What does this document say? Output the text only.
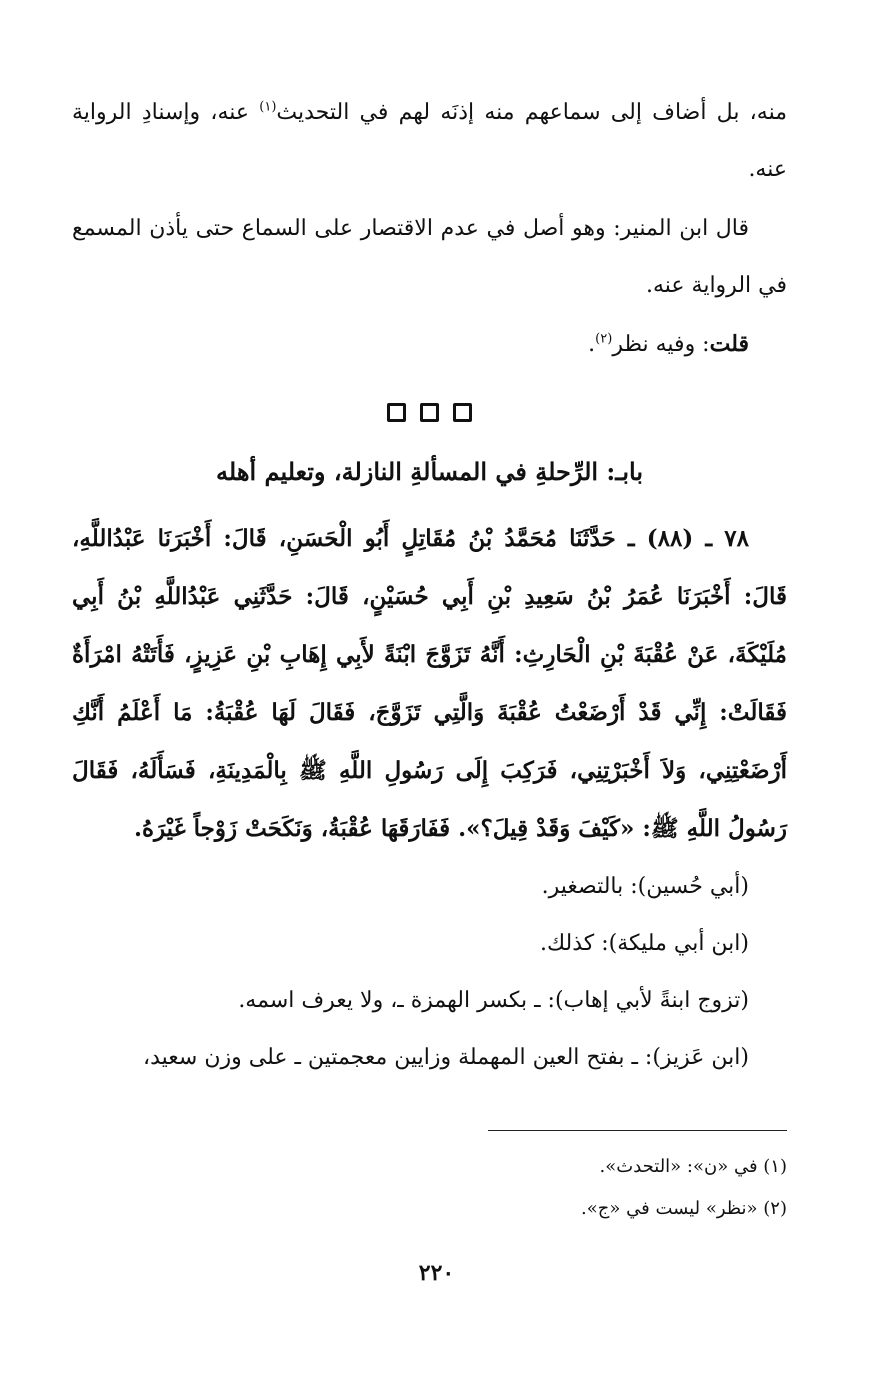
منه، بل أضاف إلى سماعهم منه إذنَه لهم في التحديث$^{(١)}$ عنه، وإسنادِ الرواية عنه.

قال ابن المنير: وهو أصل في عدم الاقتصار على السماع حتى يأذن المسمع في الرواية عنه.

قلت: وفيه نظر$^{(٢)}$.

بابـ: الرِّحلةِ في المسألةِ النازلة، وتعليم أهله

٧٨ ـ (٨٨) ـ حَدَّثَنَا مُحَمَّدُ بْنُ مُقَاتِلٍ أَبُو الْحَسَنِ، قَالَ: أَخْبَرَنَا عَبْدُاللَّهِ، قَالَ: أَخْبَرَنَا عُمَرُ بْنُ سَعِيدِ بْنِ أَبِي حُسَيْنٍ، قَالَ: حَدَّثَنِي عَبْدُاللَّهِ بْنُ أَبِي مُلَيْكَةَ، عَنْ عُقْبَةَ بْنِ الْحَارِثِ: أَنَّهُ تَزَوَّجَ ابْنَةً لأَبِي إِهَابِ بْنِ عَزِيزٍ، فَأَتَتْهُ امْرَأَةٌ فَقَالَتْ: إِنِّي قَدْ أَرْضَعْتُ عُقْبَةَ وَالَّتِي تَزَوَّجَ، فَقَالَ لَهَا عُقْبَةُ: مَا أَعْلَمُ أَنَّكِ أَرْضَعْتِنِي، وَلاَ أَخْبَرْتِنِي، فَرَكِبَ إِلَى رَسُولِ اللَّهِ ﷺ بِالْمَدِينَةِ، فَسَأَلَهُ، فَقَالَ رَسُولُ اللَّهِ ﷺ: «كَيْفَ وَقَدْ قِيلَ؟». فَفَارَقَهَا عُقْبَةُ، وَنَكَحَتْ زَوْجاً غَيْرَهُ.

(أبي حُسين): بالتصغير.

(ابن أبي مليكة): كذلك.

(تزوج ابنةً لأبي إهاب): ـ بكسر الهمزة ـ، ولا يعرف اسمه.

(ابن عَزيز): ـ بفتح العين المهملة وزايين معجمتين ـ على وزن سعيد،

(١) في «ن»: «التحدث».

(٢) «نظر» ليست في «ج».

٢٢٠
